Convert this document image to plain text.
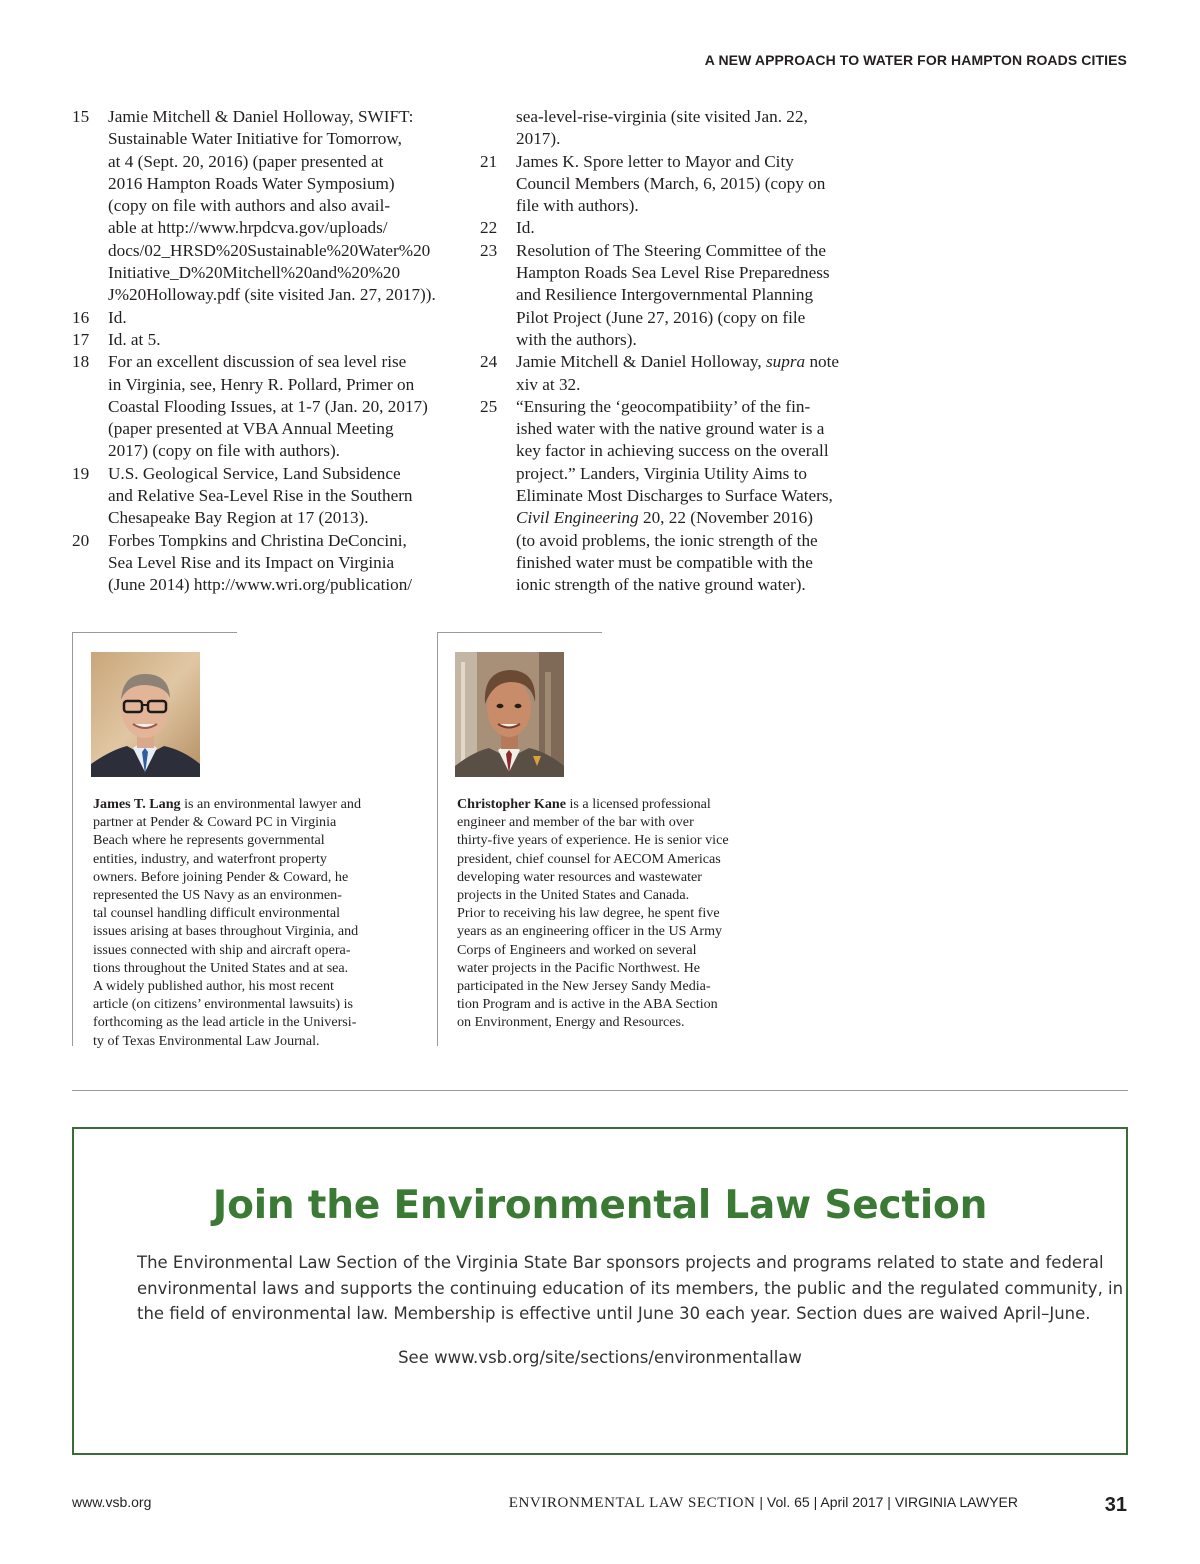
A NEW APPROACH TO WATER FOR HAMPTON ROADS CITIES
15 Jamie Mitchell & Daniel Holloway, SWIFT:
Sustainable Water Initiative for Tomorrow,
at 4 (Sept. 20, 2016) (paper presented at
2016 Hampton Roads Water Symposium)
(copy on file with authors and also avail-
able at http://www.hrpdcva.gov/uploads/
docs/02_HRSD%20Sustainable%20Water%20
Initiative_D%20Mitchell%20and%20%20
J%20Holloway.pdf (site visited Jan. 27, 2017)).
16 Id.
17 Id. at 5.
18 For an excellent discussion of sea level rise
in Virginia, see, Henry R. Pollard, Primer on
Coastal Flooding Issues, at 1-7 (Jan. 20, 2017)
(paper presented at VBA Annual Meeting
2017) (copy on file with authors).
19 U.S. Geological Service, Land Subsidence
and Relative Sea-Level Rise in the Southern
Chesapeake Bay Region at 17 (2013).
20 Forbes Tompkins and Christina DeConcini,
Sea Level Rise and its Impact on Virginia
(June 2014) http://www.wri.org/publication/
sea-level-rise-virginia (site visited Jan. 22,
2017).
21 James K. Spore letter to Mayor and City
Council Members (March, 6, 2015) (copy on
file with authors).
22 Id.
23 Resolution of The Steering Committee of the
Hampton Roads Sea Level Rise Preparedness
and Resilience Intergovernmental Planning
Pilot Project (June 27, 2016) (copy on file
with the authors).
24 Jamie Mitchell & Daniel Holloway, supra note
xiv at 32.
25 “Ensuring the ‘geocompatibiity’ of the fin-
ished water with the native ground water is a
key factor in achieving success on the overall
project.” Landers, Virginia Utility Aims to
Eliminate Most Discharges to Surface Waters,
Civil Engineering 20, 22 (November 2016)
(to avoid problems, the ionic strength of the
finished water must be compatible with the
ionic strength of the native ground water).
James T. Lang is an environmental lawyer and
partner at Pender & Coward PC in Virginia
Beach where he represents governmental
entities, industry, and waterfront property
owners. Before joining Pender & Coward, he
represented the US Navy as an environmen-
tal counsel handling difficult environmental
issues arising at bases throughout Virginia, and
issues connected with ship and aircraft opera-
tions throughout the United States and at sea.
A widely published author, his most recent
article (on citizens’ environmental lawsuits) is
forthcoming as the lead article in the Universi-
ty of Texas Environmental Law Journal.
Christopher Kane is a licensed professional
engineer and member of the bar with over
thirty-five years of experience. He is senior vice
president, chief counsel for AECOM Americas
developing water resources and wastewater
projects in the United States and Canada.
Prior to receiving his law degree, he spent five
years as an engineering officer in the US Army
Corps of Engineers and worked on several
water projects in the Pacific Northwest. He
participated in the New Jersey Sandy Media-
tion Program and is active in the ABA Section
on Environment, Energy and Resources.
Join the Environmental Law Section
The Environmental Law Section of the Virginia State Bar sponsors projects and programs related to state and federal
environmental laws and supports the continuing education of its members, the public and the regulated community, in
the field of environmental law. Membership is effective until June 30 each year. Section dues are waived April–June.
See www.vsb.org/site/sections/environmentallaw
www.vsb.org	ENVIRONMENTAL LAW SECTION | Vol. 65 | April 2017 | VIRGINIA LAWYER	31
